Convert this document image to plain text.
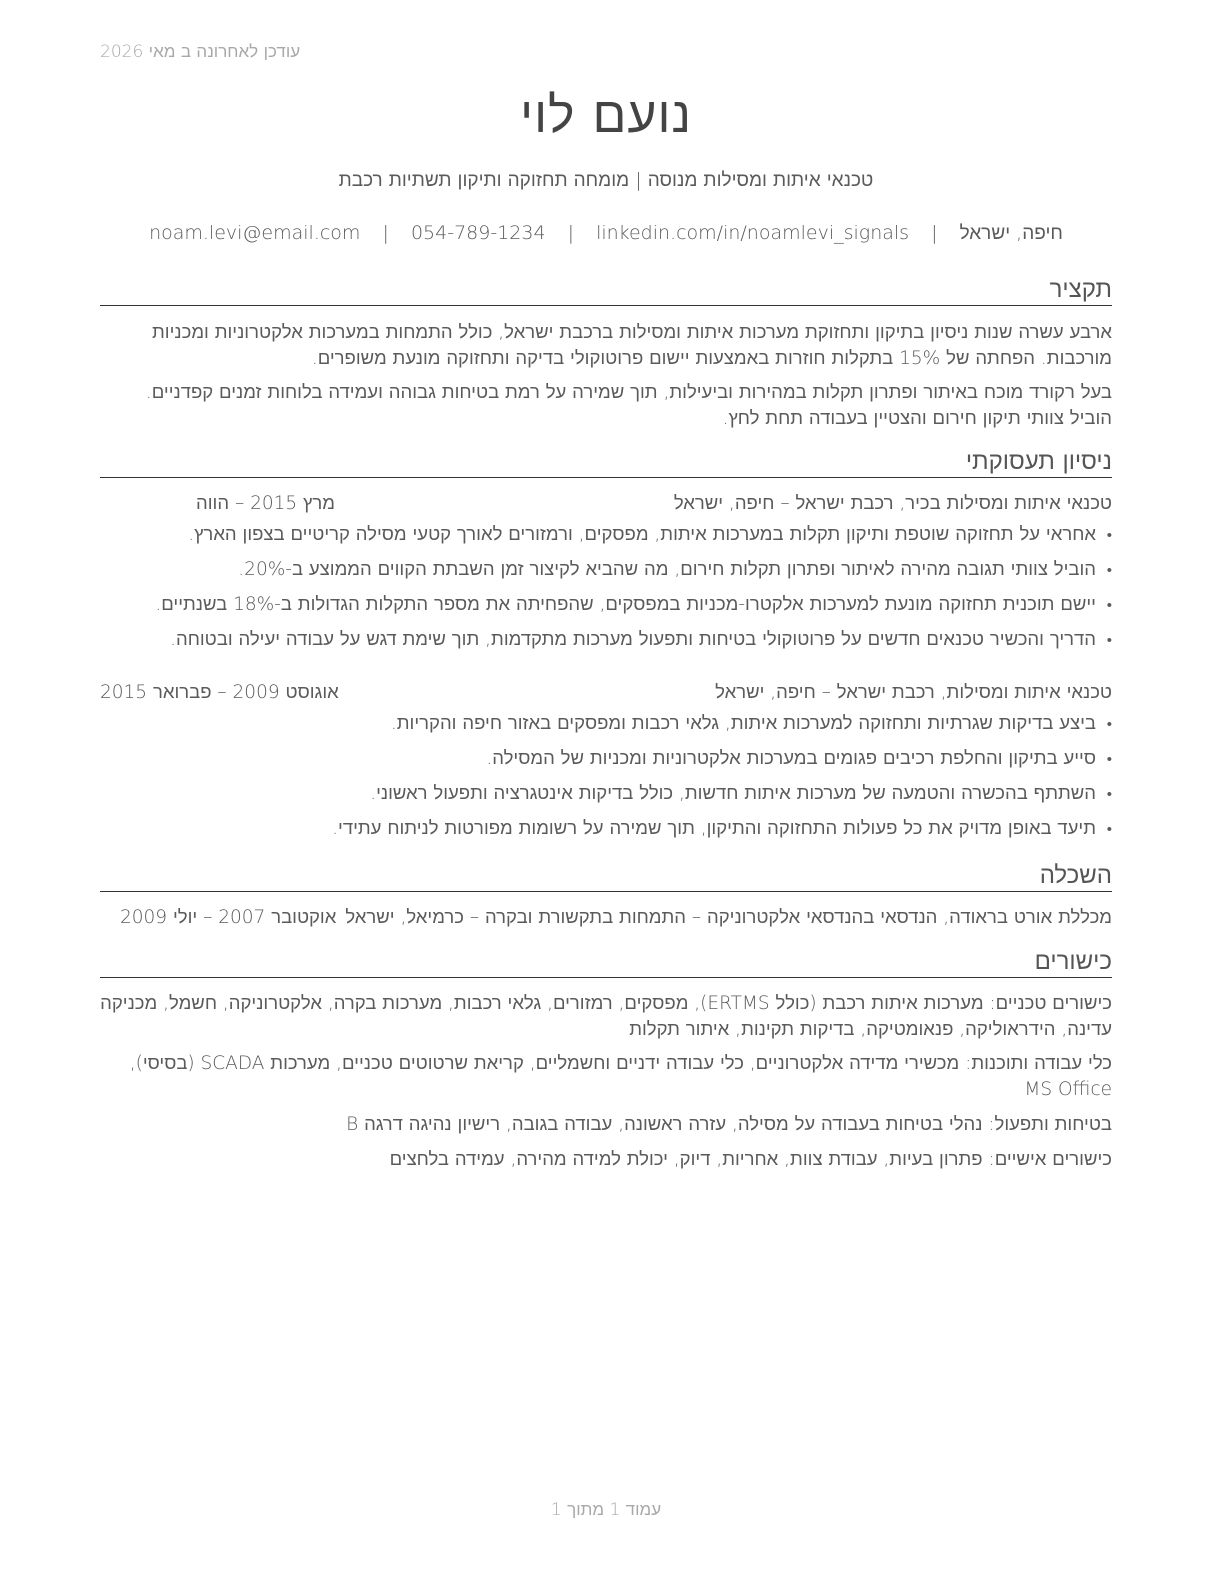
עודכן לאחרונה ב מאי 2026
נועם לוי
טכנאי איתות ומסילות מנוסה | מומחה תחזוקה ותיקון תשתיות רכבת
חיפה, ישראל | noam.levi@email.com | 054-789-1234 | linkedin.com/in/noamlevi_signals
תקציר
ארבע עשרה שנות ניסיון בתיקון ותחזוקת מערכות איתות ומסילות ברכבת ישראל, כולל התמחות במערכות אלקטרוניות ומכניות מורכבות. הפחתה של 15% בתקלות חוזרות באמצעות יישום פרוטוקולי בדיקה ותחזוקה מונעת משופרים.
בעל רקורד מוכח באיתור ופתרון תקלות במהירות וביעילות, תוך שמירה על רמת בטיחות גבוהה ועמידה בלוחות זמנים קפדניים. הוביל צוותי תיקון חירום והצטיין בעבודה תחת לחץ.
ניסיון תעסוקתי
טכנאי איתות ומסילות בכיר, רכבת ישראל – חיפה, ישראל
מרץ 2015 – הווה
• אחראי על תחזוקה שוטפת ותיקון תקלות במערכות איתות, מפסקים, ורמזורים לאורך קטעי מסילה קריטיים בצפון הארץ.
• הוביל צוותי תגובה מהירה לאיתור ופתרון תקלות חירום, מה שהביא לקיצור זמן השבתת הקווים הממוצע ב-20%.
• יישם תוכנית תחזוקה מונעת למערכות אלקטרו-מכניות במפסקים, שהפחיתה את מספר התקלות הגדולות ב-18% בשנתיים.
• הדריך והכשיר טכנאים חדשים על פרוטוקולי בטיחות ותפעול מערכות מתקדמות, תוך שימת דגש על עבודה יעילה ובטוחה.
טכנאי איתות ומסילות, רכבת ישראל – חיפה, ישראל
אוגוסט 2009 – פברואר 2015
• ביצע בדיקות שגרתיות ותחזוקה למערכות איתות, גלאי רכבות ומפסקים באזור חיפה והקריות.
• סייע בתיקון והחלפת רכיבים פגומים במערכות אלקטרוניות ומכניות של המסילה.
• השתתף בהכשרה והטמעה של מערכות איתות חדשות, כולל בדיקות אינטגרציה ותפעול ראשוני.
• תיעד באופן מדויק את כל פעולות התחזוקה והתיקון, תוך שמירה על רשומות מפורטות לניתוח עתידי.
השכלה
מכללת אורט בראודה, הנדסאי בהנדסאי אלקטרוניקה – התמחות בתקשורת ובקרה – כרמיאל, ישראל
אוקטובר 2007 – יולי 2009
כישורים
כישורים טכניים: מערכות איתות רכבת (כולל ERTMS), מפסקים, רמזורים, גלאי רכבות, מערכות בקרה, אלקטרוניקה, חשמל, מכניקה עדינה, הידראוליקה, פנאומטיקה, בדיקות תקינות, איתור תקלות
כלי עבודה ותוכנות: מכשירי מדידה אלקטרוניים, כלי עבודה ידניים וחשמליים, קריאת שרטוטים טכניים, מערכות SCADA (בסיסי), MS Office
בטיחות ותפעול: נהלי בטיחות בעבודה על מסילה, עזרה ראשונה, עבודה בגובה, רישיון נהיגה דרגה B
כישורים אישיים: פתרון בעיות, עבודת צוות, אחריות, דיוק, יכולת למידה מהירה, עמידה בלחצים
עמוד 1 מתוך 1
